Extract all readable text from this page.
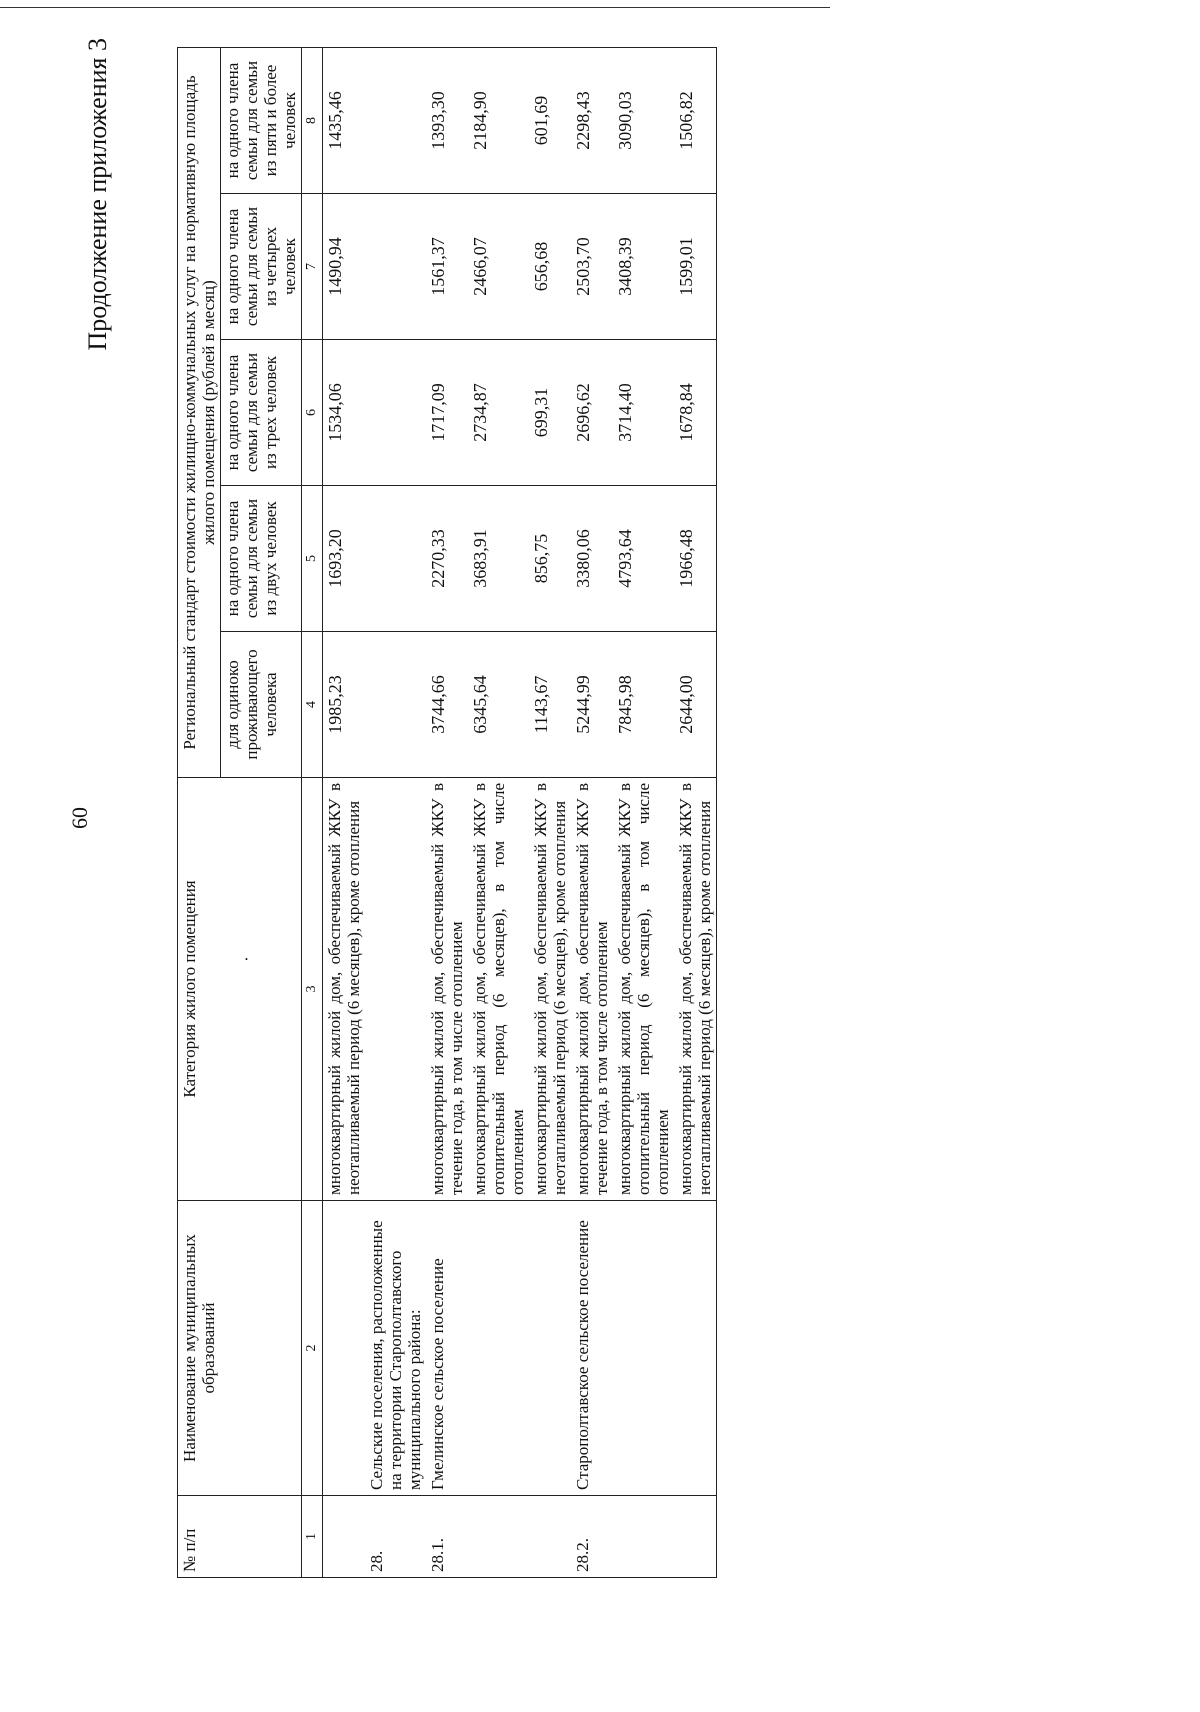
60
Продолжение приложения 3
№ п/п	Наименование муниципальных образований	Категория жилого помещения ·	Региональный стандарт стоимости жилищно-коммунальных услуг на нормативную площадь жилого помещения (рублей в месяц)				
			для одиноко проживающего человека	на одного члена семьи для семьи из двух человек	на одного члена семьи для семьи из трех человек	на одного члена семьи для семьи из четырех человек	на одного члена семьи для семьи из пяти и более человек
1	2	3	4	5	6	7	8
		многоквартирный жилой дом, обеспечиваемый ЖКУ в неотапливаемый период (6 месяцев), кроме отопления	1985,23	1693,20	1534,06	1490,94	1435,46
28.	Сельские поселения, расположенные на территории Старополтавского муниципального района:						
28.1.	Гмелинское сельское поселение	многоквартирный жилой дом, обеспечиваемый ЖКУ в течение года, в том числе отоплением	3744,66	2270,33	1717,09	1561,37	1393,30
		многоквартирный жилой дом, обеспечиваемый ЖКУ в отопительный период (6 месяцев), в том числе отоплением	6345,64	3683,91	2734,87	2466,07	2184,90
		многоквартирный жилой дом, обеспечиваемый ЖКУ в неотапливаемый период (6 месяцев), кроме отопления	1143,67	856,75	699,31	656,68	601,69
28.2.	Старополтавское сельское поселение	многоквартирный жилой дом, обеспечиваемый ЖКУ в течение года, в том числе отоплением	5244,99	3380,06	2696,62	2503,70	2298,43
		многоквартирный жилой дом, обеспечиваемый ЖКУ в отопительный период (6 месяцев), в том числе отоплением	7845,98	4793,64	3714,40	3408,39	3090,03
		многоквартирный жилой дом, обеспечиваемый ЖКУ в неотапливаемый период (6 месяцев), кроме отопления	2644,00	1966,48	1678,84	1599,01	1506,82
